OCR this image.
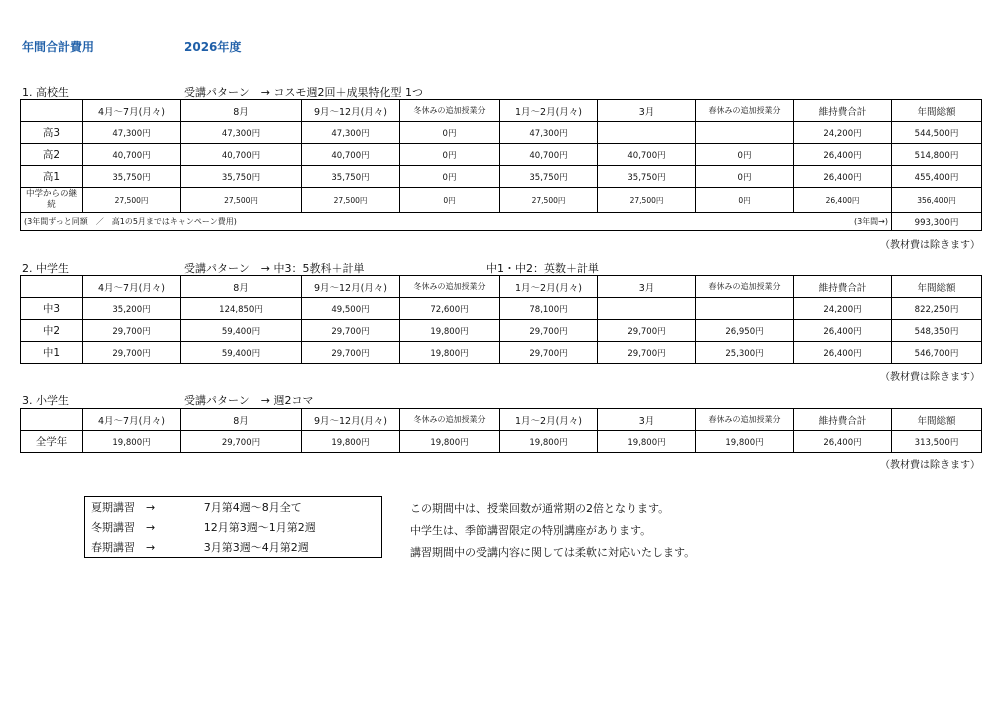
年間合計費用	2026年度
1. 高校生	受講パターン　→ コスモ週2回＋成果特化型 1つ
	4月～7月(月々)	8月	9月～12月(月々)	冬休みの追加授業分	1月～2月(月々)	3月	春休みの追加授業分	維持費合計	年間総額
高3	47,300円	47,300円	47,300円	0円	47,300円			24,200円	544,500円
高2	40,700円	40,700円	40,700円	0円	40,700円	40,700円	0円	26,400円	514,800円
高1	35,750円	35,750円	35,750円	0円	35,750円	35,750円	0円	26,400円	455,400円
中学からの継続	27,500円	27,500円	27,500円	0円	27,500円	27,500円	0円	26,400円	356,400円
(3年間ずっと同額　／　高1の5月まではキャンペーン費用)								(3年間→)	993,300円
（教材費は除きます）
2. 中学生	受講パターン　→ 中3：5教科＋計単	中1・中2：英数＋計単
	4月～7月(月々)	8月	9月～12月(月々)	冬休みの追加授業分	1月～2月(月々)	3月	春休みの追加授業分	維持費合計	年間総額
中3	35,200円	124,850円	49,500円	72,600円	78,100円			24,200円	822,250円
中2	29,700円	59,400円	29,700円	19,800円	29,700円	29,700円	26,950円	26,400円	548,350円
中1	29,700円	59,400円	29,700円	19,800円	29,700円	29,700円	25,300円	26,400円	546,700円
（教材費は除きます）
3. 小学生	受講パターン　→ 週2コマ
	4月～7月(月々)	8月	9月～12月(月々)	冬休みの追加授業分	1月～2月(月々)	3月	春休みの追加授業分	維持費合計	年間総額
全学年	19,800円	29,700円	19,800円	19,800円	19,800円	19,800円	19,800円	26,400円	313,500円
（教材費は除きます）
夏期講習　→	7月第4週～8月全て
冬期講習　→	12月第3週～1月第2週
春期講習　→	3月第3週～4月第2週
この期間中は、授業回数が通常期の2倍となります。
中学生は、季節講習限定の特別講座があります。
講習期間中の受講内容に関しては柔軟に対応いたします。
